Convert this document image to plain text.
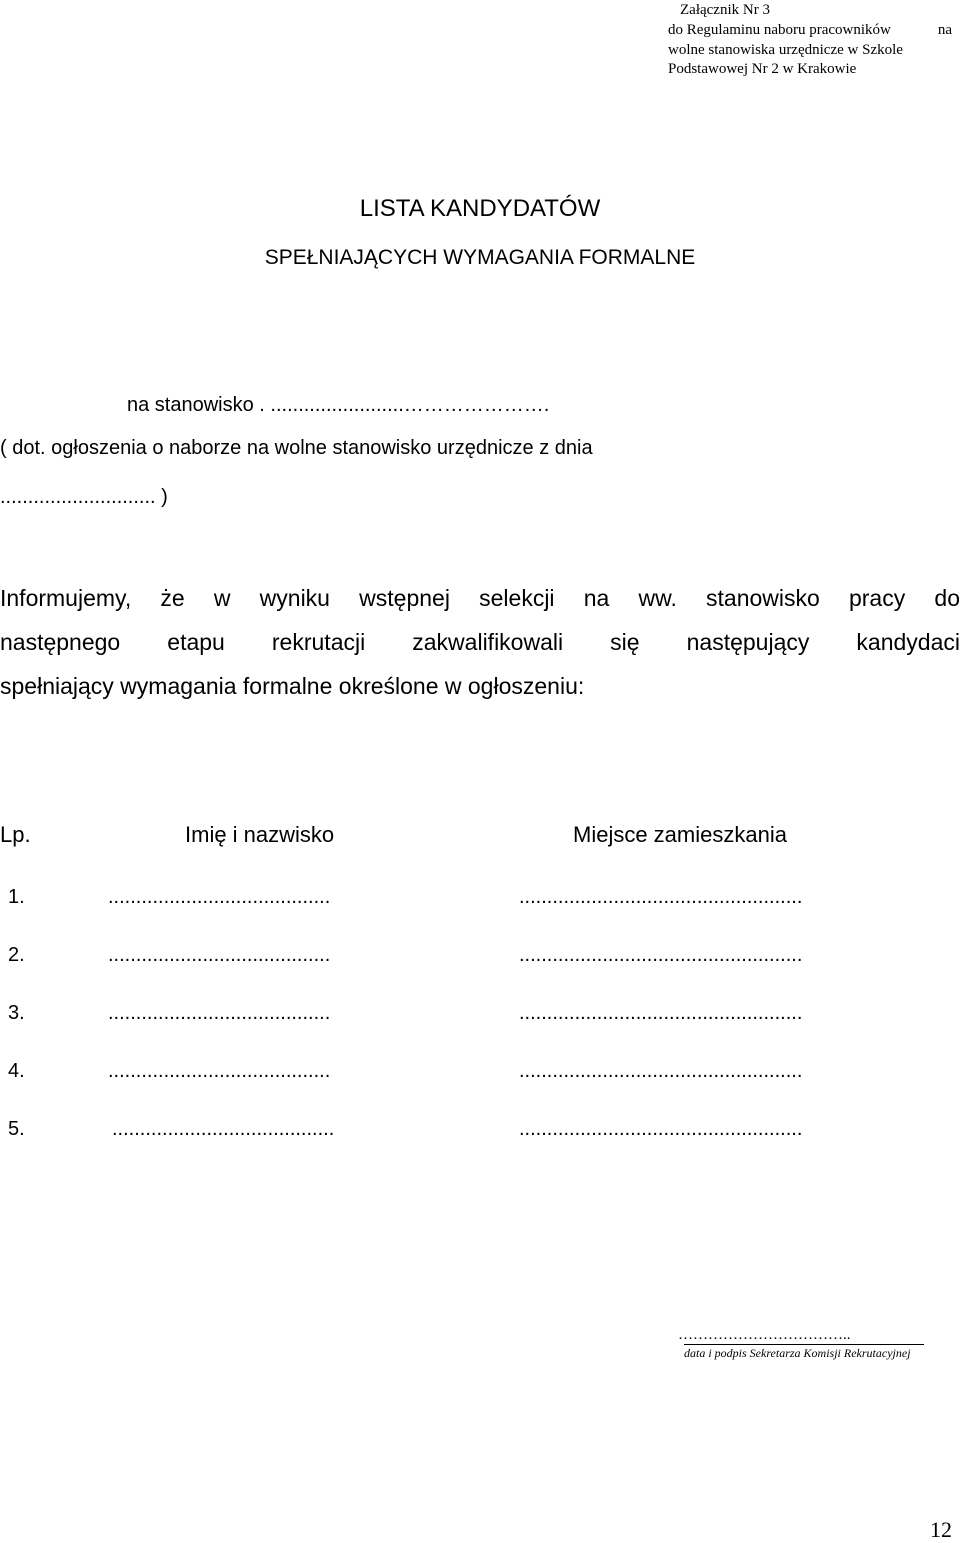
Załącznik Nr 3
do Regulaminu naboru pracowników	na
wolne stanowiska urzędnicze w Szkole
Podstawowej Nr 2 w Krakowie
LISTA KANDYDATÓW
SPEŁNIAJĄCYCH WYMAGANIA FORMALNE
na stanowisko . ........................………………….
( dot. ogłoszenia o naborze na wolne stanowisko urzędnicze z dnia
............................ )
Informujemy, że w wyniku wstępnej selekcji na ww. stanowisko pracy do
następnego etapu rekrutacji zakwalifikowali się następujący kandydaci
spełniający wymagania formalne określone w ogłoszeniu:
Lp.	Imię i nazwisko	Miejsce zamieszkania
1.	........................................	...................................................
2.	........................................	...................................................
3.	........................................	...................................................
4.	........................................	...................................................
5.	........................................	...................................................
……………………………..
data i podpis Sekretarza Komisji Rekrutacyjnej
12
